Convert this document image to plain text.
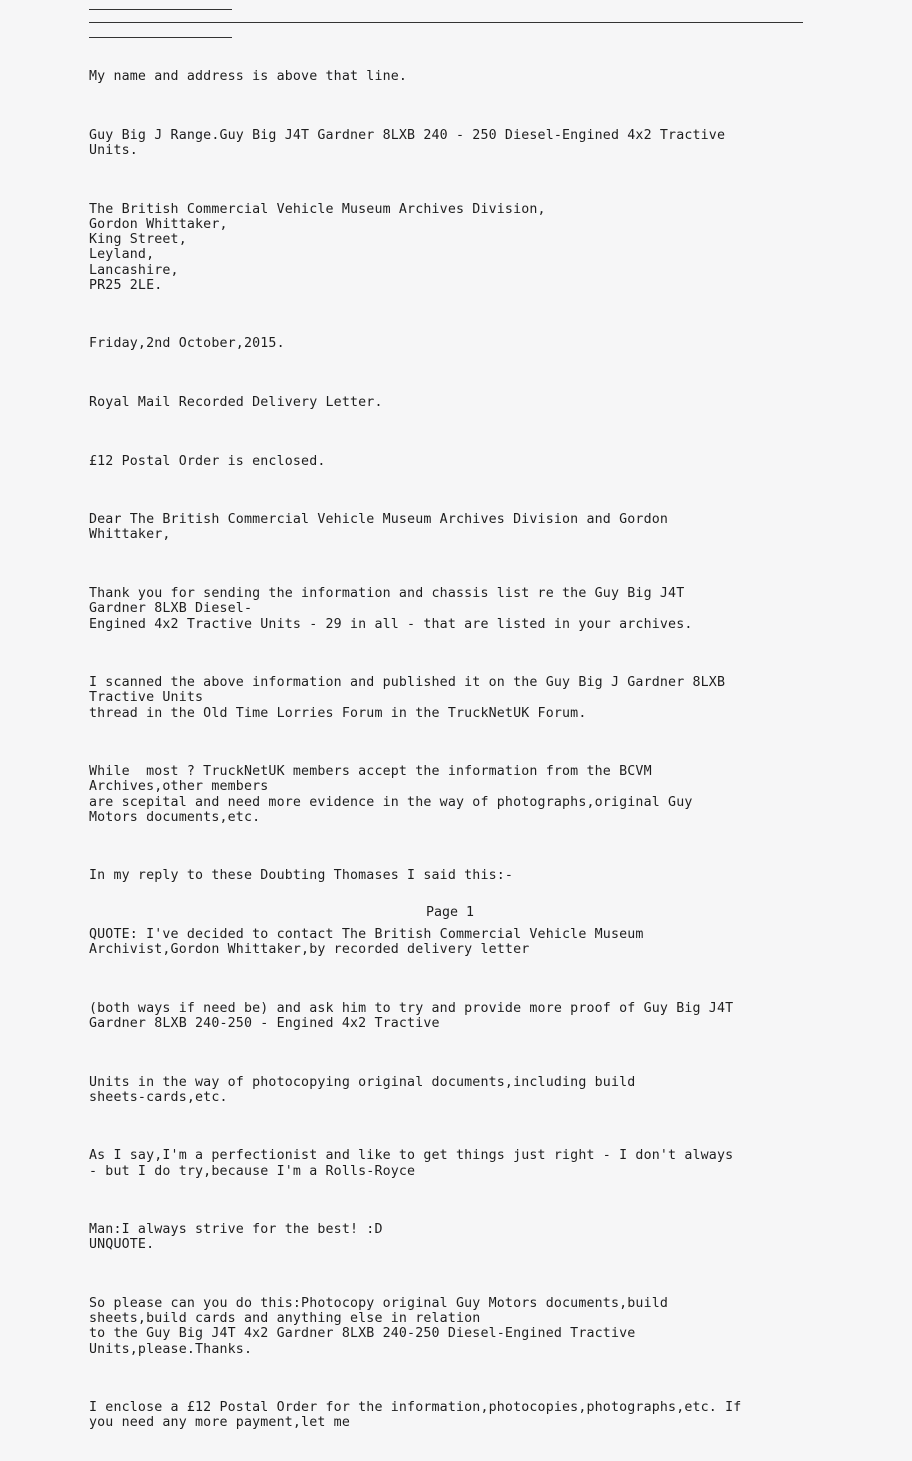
My name and address is above that line.

Guy Big J Range.Guy Big J4T Gardner 8LXB 240 - 250 Diesel-Engined 4x2 Tractive
Units.

The British Commercial Vehicle Museum Archives Division,
Gordon Whittaker,
King Street,
Leyland,
Lancashire,
PR25 2LE.

Friday,2nd October,2015.

Royal Mail Recorded Delivery Letter.

£12 Postal Order is enclosed.

Dear The British Commercial Vehicle Museum Archives Division and Gordon
Whittaker,

Thank you for sending the information and chassis list re the Guy Big J4T
Gardner 8LXB Diesel-
Engined 4x2 Tractive Units - 29 in all - that are listed in your archives.

I scanned the above information and published it on the Guy Big J Gardner 8LXB
Tractive Units
thread in the Old Time Lorries Forum in the TruckNetUK Forum.

While  most ? TruckNetUK members accept the information from the BCVM
Archives,other members
are scepital and need more evidence in the way of photographs,original Guy
Motors documents,etc.

In my reply to these Doubting Thomases I said this:-

QUOTE: I've decided to contact The British Commercial Vehicle Museum
Archivist,Gordon Whittaker,by recorded delivery letter

(both ways if need be) and ask him to try and provide more proof of Guy Big J4T
Gardner 8LXB 240-250 - Engined 4x2 Tractive

Units in the way of photocopying original documents,including build
sheets-cards,etc.

As I say,I'm a perfectionist and like to get things just right - I don't always
- but I do try,because I'm a Rolls-Royce

Man:I always strive for the best! :D
UNQUOTE.

So please can you do this:Photocopy original Guy Motors documents,build
sheets,build cards and anything else in relation
to the Guy Big J4T 4x2 Gardner 8LXB 240-250 Diesel-Engined Tractive
Units,please.Thanks.

I enclose a £12 Postal Order for the information,photocopies,photographs,etc. If
you need any more payment,let me

Page 1
